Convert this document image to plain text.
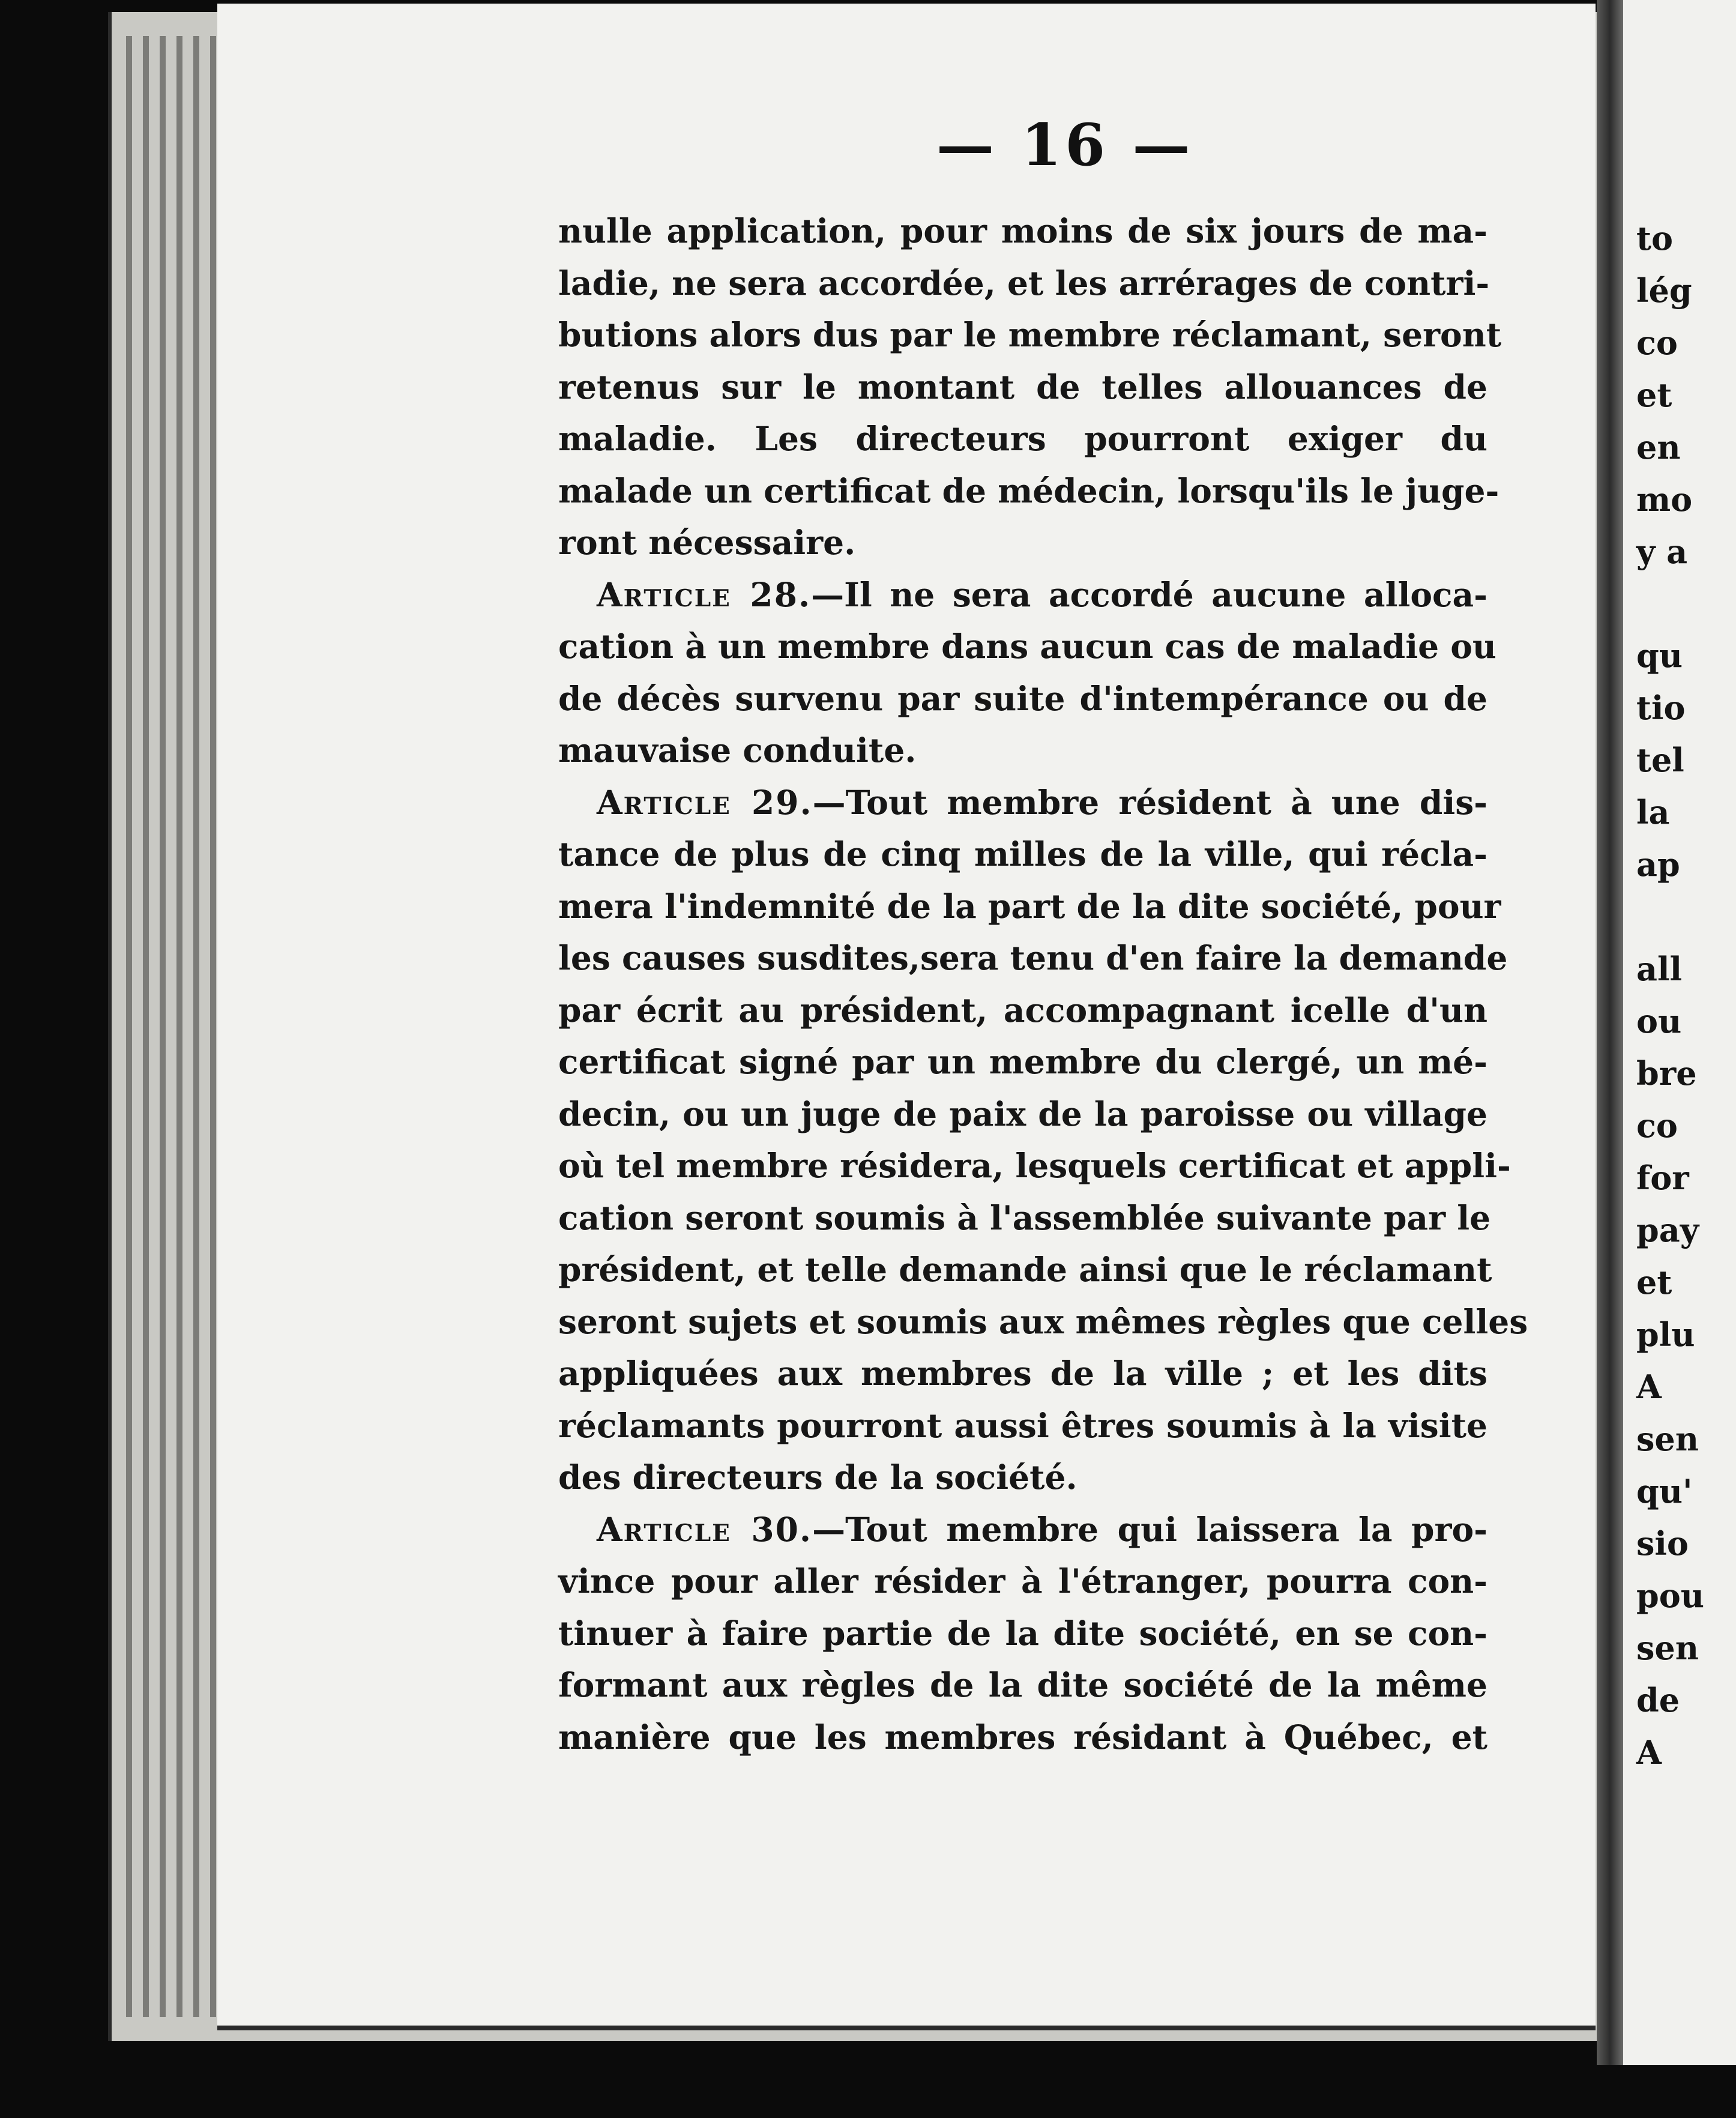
— 16 —
nulle application, pour moins de six jours de ma-
ladie, ne sera accordée, et les arrérages de contri-
butions alors dus par le membre réclamant, seront
retenus sur le montant de telles allouances de
maladie. Les directeurs pourront exiger du
malade un certificat de médecin, lorsqu'ils le juge-
ront nécessaire.
Article 28.—Il ne sera accordé aucune alloca-
cation à un membre dans aucun cas de maladie ou
de décès survenu par suite d'intempérance ou de
mauvaise conduite.
Article 29.—Tout membre résident à une dis-
tance de plus de cinq milles de la ville, qui récla-
mera l'indemnité de la part de la dite société, pour
les causes susdites,sera tenu d'en faire la demande
par écrit au président, accompagnant icelle d'un
certificat signé par un membre du clergé, un mé-
decin, ou un juge de paix de la paroisse ou village
où tel membre résidera, lesquels certificat et appli-
cation seront soumis à l'assemblée suivante par le
président, et telle demande ainsi que le réclamant
seront sujets et soumis aux mêmes règles que celles
appliquées aux membres de la ville ; et les dits
réclamants pourront aussi êtres soumis à la visite
des directeurs de la société.
Article 30.—Tout membre qui laissera la pro-
vince pour aller résider à l'étranger, pourra con-
tinuer à faire partie de la dite société, en se con-
formant aux règles de la dite société de la même
manière que les membres résidant à Québec, et
to
lég
co
et
en
mo
y a
qu
tio
tel
la
ap
all
ou
bre
co
for
pay
et
plu
A
sen
qu'
sio
pou
sen
de
A
